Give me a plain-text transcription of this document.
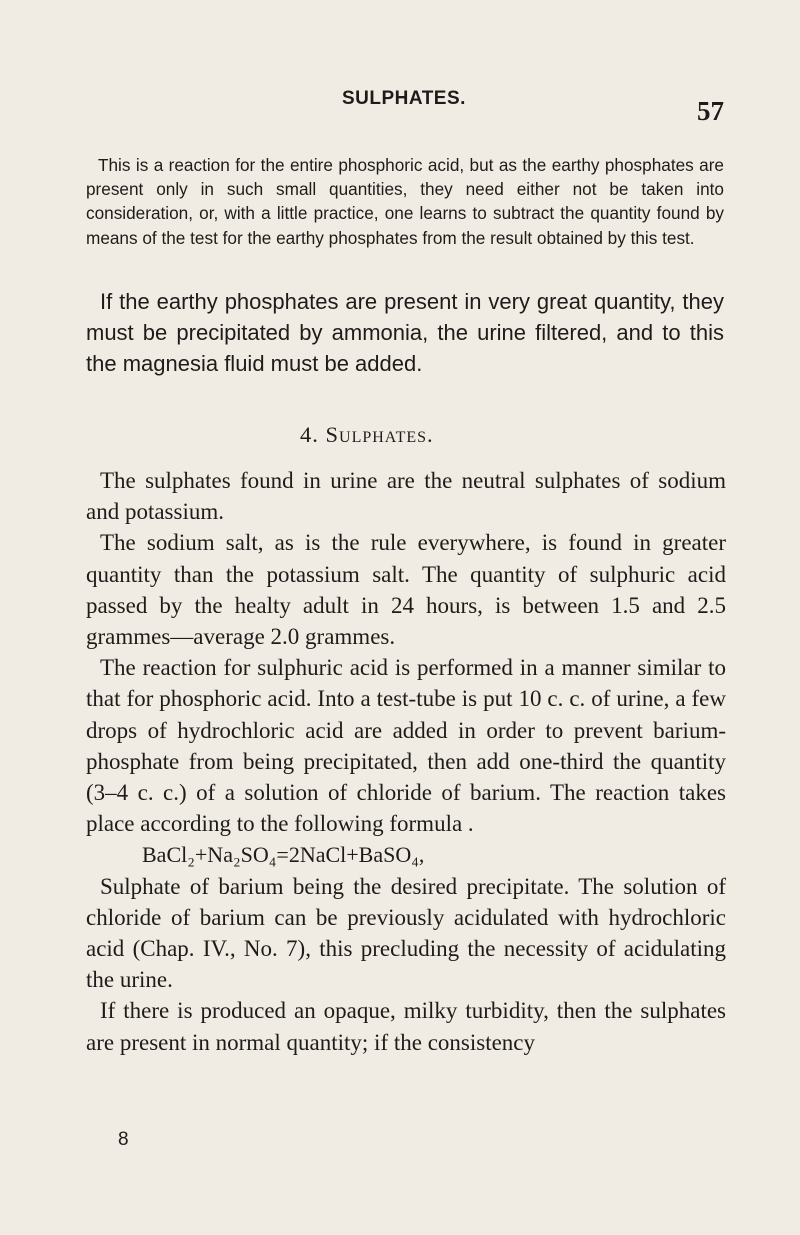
SULPHATES.	57

This is a reaction for the entire phosphoric acid, but as the earthy phosphates are present only in such small quantities, they need either not be taken into consideration, or, with a little practice, one learns to subtract the quantity found by means of the test for the earthy phosphates from the result obtained by this test.

If the earthy phosphates are present in very great quantity, they must be precipitated by ammonia, the urine filtered, and to this the magnesia fluid must be added.

4. Sulphates.

The sulphates found in urine are the neutral sulphates of sodium and potassium.

The sodium salt, as is the rule everywhere, is found in greater quantity than the potassium salt. The quantity of sulphuric acid passed by the healty adult in 24 hours, is between 1.5 and 2.5 grammes—average 2.0 grammes.

The reaction for sulphuric acid is performed in a manner similar to that for phosphoric acid. Into a test-tube is put 10 c. c. of urine, a few drops of hydrochloric acid are added in order to prevent barium-phosphate from being precipitated, then add one-third the quantity (3–4 c. c.) of a solution of chloride of barium. The reaction takes place according to the following formula .

BaCl₂+Na₂SO₄=2NaCl+BaSO₄,

Sulphate of barium being the desired precipitate. The solution of chloride of barium can be previously acidulated with hydrochloric acid (Chap. IV., No. 7), this precluding the necessity of acidulating the urine.

If there is produced an opaque, milky turbidity, then the sulphates are present in normal quantity; if the consistency

8
